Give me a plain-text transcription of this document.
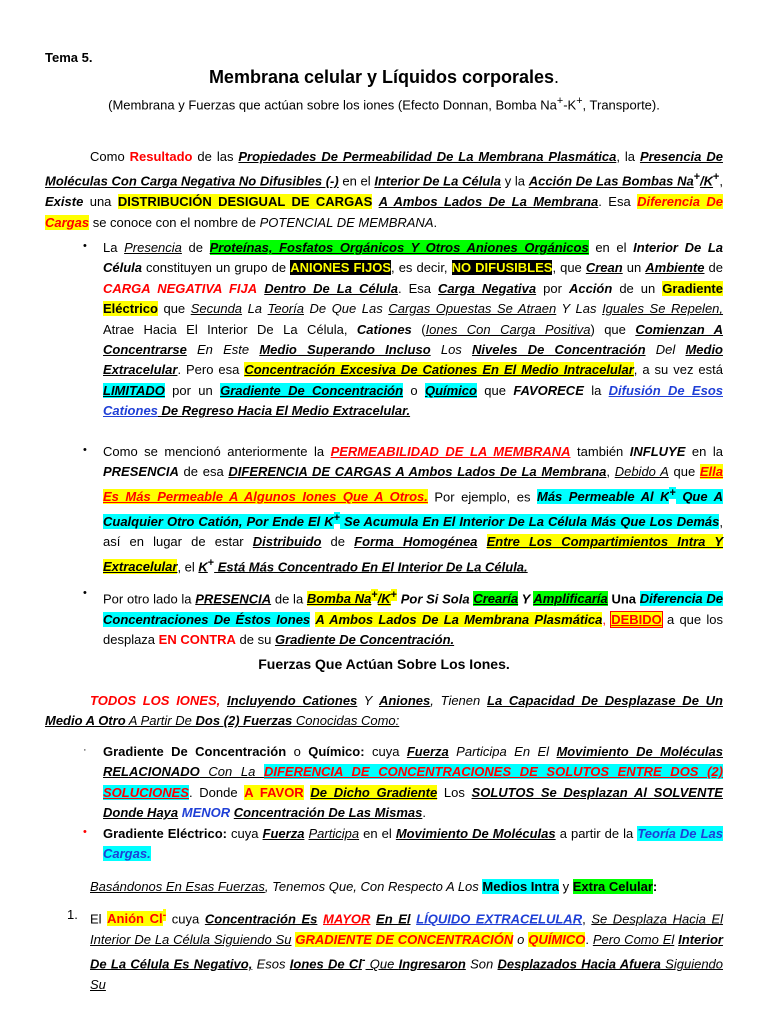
Tema 5.
Membrana celular y Líquidos corporales.
(Membrana y Fuerzas que actúan sobre los iones (Efecto Donnan, Bomba Na+-K+, Transporte).
Como Resultado de las Propiedades De Permeabilidad De La Membrana Plasmática, la Presencia De Moléculas Con Carga Negativa No Difusibles (-) en el Interior De La Célula y la Acción De Las Bombas Na+/K+, Existe una DISTRIBUCIÓN DESIGUAL DE CARGAS A Ambos Lados De La Membrana. Esa Diferencia De Cargas se conoce con el nombre de POTENCIAL DE MEMBRANA.
• La Presencia de Proteínas, Fosfatos Orgánicos Y Otros Aniones Orgánicos en el Interior De La Célula constituyen un grupo de ANIONES FIJOS, es decir, NO DIFUSIBLES, que Crean un Ambiente de CARGA NEGATIVA FIJA Dentro De La Célula. Esa Carga Negativa por Acción de un Gradiente Eléctrico que Secunda La Teoría De Que Las Cargas Opuestas Se Atraen Y Las Iguales Se Repelen, Atrae Hacia El Interior De La Célula, Cationes (Iones Con Carga Positiva) que Comienzan A Concentrarse En Este Medio Superando Incluso Los Niveles De Concentración Del Medio Extracelular. Pero esa Concentración Excesiva De Cationes En El Medio Intracelular, a su vez está LIMITADO por un Gradiente De Concentración o Químico que FAVORECE la Difusión De Esos Cationes De Regreso Hacia El Medio Extracelular.
• Como se mencionó anteriormente la PERMEABILIDAD DE LA MEMBRANA también INFLUYE en la PRESENCIA de esa DIFERENCIA DE CARGAS A Ambos Lados De La Membrana, Debido A que Ella Es Más Permeable A Algunos Iones Que A Otros. Por ejemplo, es Más Permeable Al K+ Que A Cualquier Otro Catión, Por Ende El K+ Se Acumula En El Interior De La Célula Más Que Los Demás, así en lugar de estar Distribuido de Forma Homogénea Entre Los Compartimientos Intra Y Extracelular, el K+ Está Más Concentrado En El Interior De La Célula.
• Por otro lado la PRESENCIA de la Bomba Na+/K+ Por Si Sola Crearía Y Amplificaría Una Diferencia De Concentraciones De Éstos Iones A Ambos Lados De La Membrana Plasmática, DEBIDO a que los desplaza EN CONTRA de su Gradiente De Concentración.
Fuerzas Que Actúan Sobre Los Iones.
TODOS LOS IONES, Incluyendo Cationes Y Aniones, Tienen La Capacidad De Desplazase De Un Medio A Otro A Partir De Dos (2) Fuerzas Conocidas Como:
· Gradiente De Concentración o Químico: cuya Fuerza Participa En El Movimiento De Moléculas RELACIONADO Con La DIFERENCIA DE CONCENTRACIONES DE SOLUTOS ENTRE DOS (2) SOLUCIONES. Donde A FAVOR De Dicho Gradiente Los SOLUTOS Se Desplazan Al SOLVENTE Donde Haya MENOR Concentración De Las Mismas.
• Gradiente Eléctrico: cuya Fuerza Participa en el Movimiento De Moléculas a partir de la Teoría De Las Cargas.
Basándonos En Esas Fuerzas, Tenemos Que, Con Respecto A Los Medios Intra y Extra Celular:
1. El Anión Cl- cuya Concentración Es MAYOR En El LÍQUIDO EXTRACELULAR, Se Desplaza Hacia El Interior De La Célula Siguiendo Su GRADIENTE DE CONCENTRACIÓN o QUÍMICO. Pero Como El Interior De La Célula Es Negativo, Esos Iones De Cl- Que Ingresaron Son Desplazados Hacia Afuera Siguiendo Su
